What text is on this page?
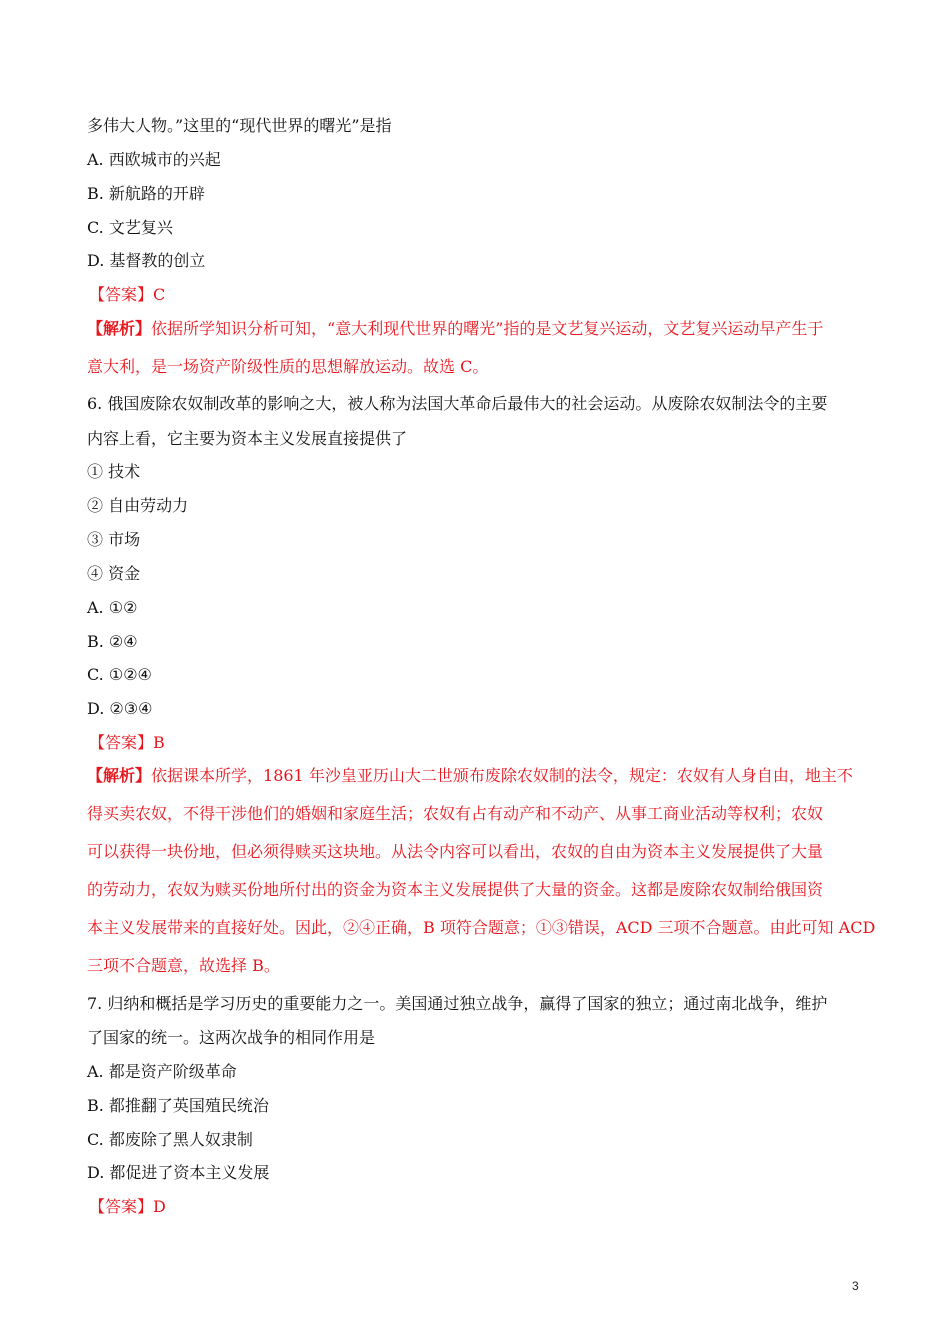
多伟大人物。”这里的“现代世界的曙光”是指
A. 西欧城市的兴起
B. 新航路的开辟
C. 文艺复兴
D. 基督教的创立
【答案】C
【解析】依据所学知识分析可知，“意大利现代世界的曙光”指的是文艺复兴运动，文艺复兴运动早产生于
意大利，是一场资产阶级性质的思想解放运动。故选 C。
6. 俄国废除农奴制改革的影响之大，被人称为法国大革命后最伟大的社会运动。从废除农奴制法令的主要
内容上看，它主要为资本主义发展直接提供了
① 技术
② 自由劳动力
③ 市场
④ 资金
A. ①②
B. ②④
C. ①②④
D. ②③④
【答案】B
【解析】依据课本所学，1861 年沙皇亚历山大二世颁布废除农奴制的法令，规定：农奴有人身自由，地主不
得买卖农奴，不得干涉他们的婚姻和家庭生活；农奴有占有动产和不动产、从事工商业活动等权利；农奴
可以获得一块份地，但必须得赎买这块地。从法令内容可以看出，农奴的自由为资本主义发展提供了大量
的劳动力，农奴为赎买份地所付出的资金为资本主义发展提供了大量的资金。这都是废除农奴制给俄国资
本主义发展带来的直接好处。因此，②④正确，B 项符合题意；①③错误，ACD 三项不合题意。由此可知 ACD
三项不合题意，故选择 B。
7. 归纳和概括是学习历史的重要能力之一。美国通过独立战争，赢得了国家的独立；通过南北战争，维护
了国家的统一。这两次战争的相同作用是
A. 都是资产阶级革命
B. 都推翻了英国殖民统治
C. 都废除了黑人奴隶制
D. 都促进了资本主义发展
【答案】D
3
